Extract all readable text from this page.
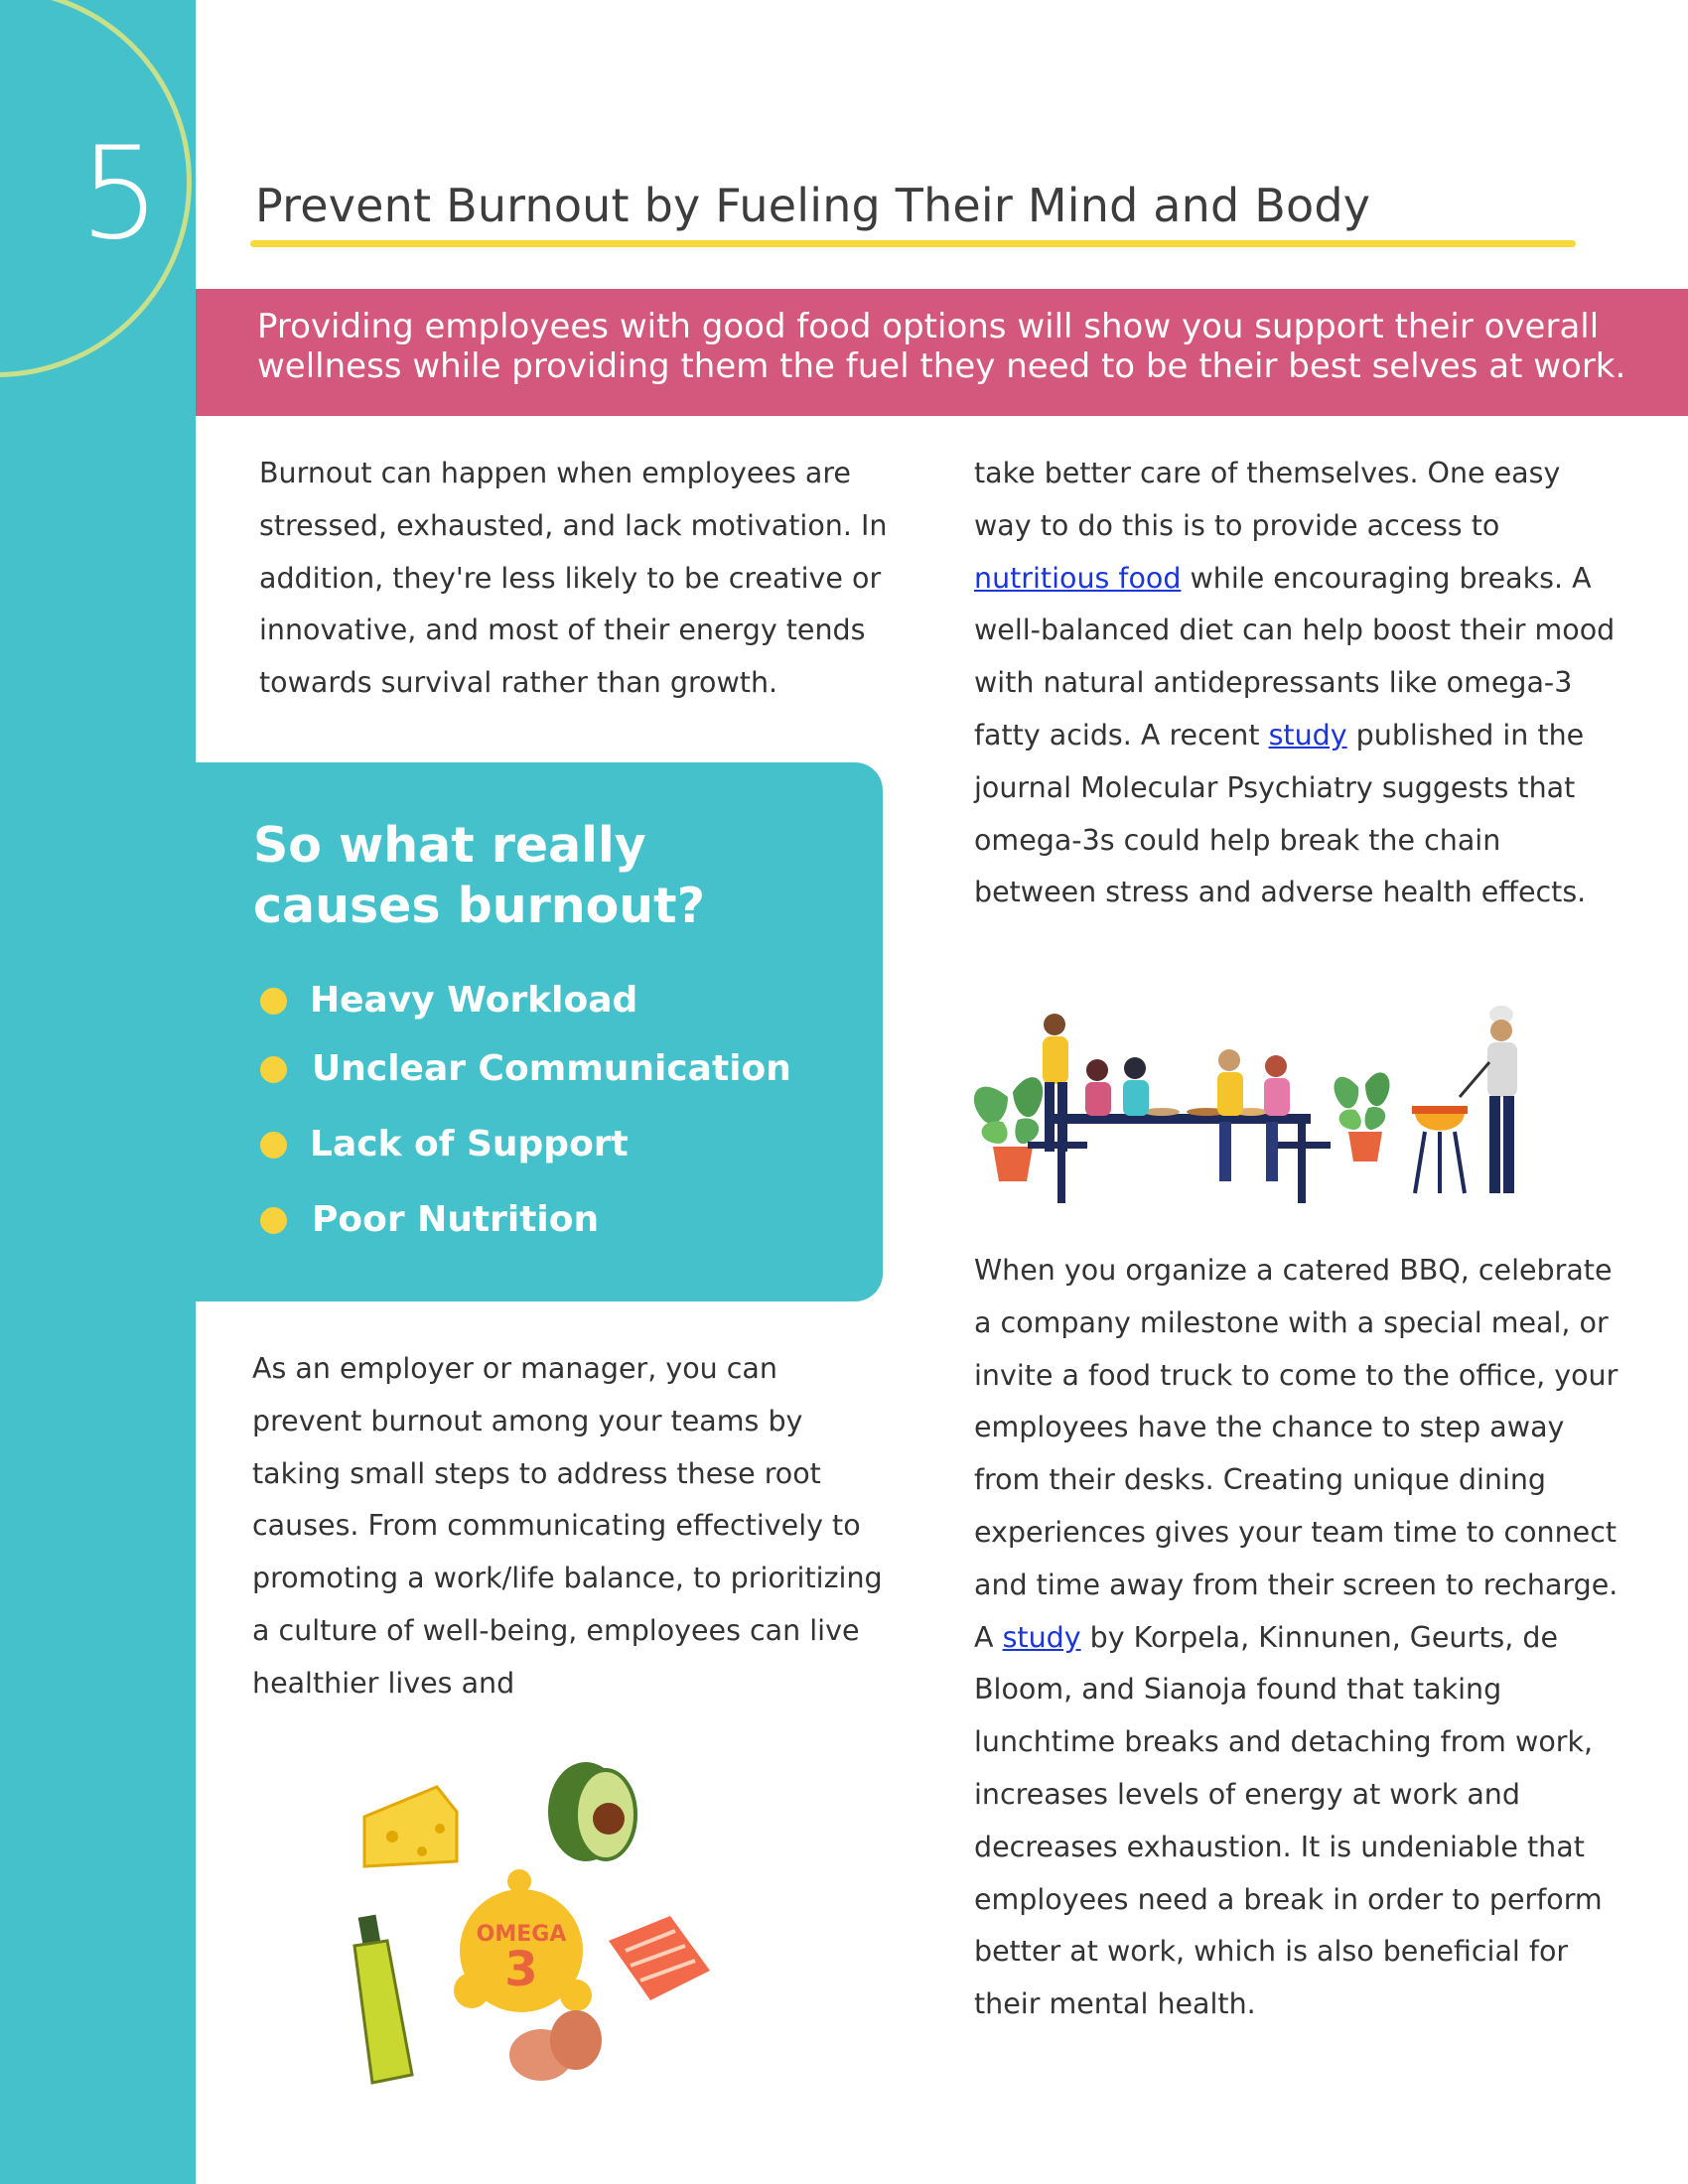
5 Prevent Burnout by Fueling Their Mind and Body

Providing employees with good food options will show you support their overall
wellness while providing them the fuel they need to be their best selves at work.

Burnout can happen when employees are stressed, exhausted, and lack motivation. In addition, they're less likely to be creative or innovative, and most of their energy tends towards survival rather than growth.

So what really causes burnout?
Heavy Workload
Unclear Communication
Lack of Support
Poor Nutrition

As an employer or manager, you can prevent burnout among your teams by taking small steps to address these root causes. From communicating effectively to promoting a work/life balance, to prioritizing a culture of well-being, employees can live healthier lives and

take better care of themselves. One easy way to do this is to provide access to nutritious food while encouraging breaks. A well-balanced diet can help boost their mood with natural antidepressants like omega-3 fatty acids. A recent study published in the journal Molecular Psychiatry suggests that omega-3s could help break the chain between stress and adverse health effects.

When you organize a catered BBQ, celebrate a company milestone with a special meal, or invite a food truck to come to the office, your employees have the chance to step away from their desks. Creating unique dining experiences gives your team time to connect and time away from their screen to recharge. A study by Korpela, Kinnunen, Geurts, de Bloom, and Sianoja found that taking lunchtime breaks and detaching from work, increases levels of energy at work and decreases exhaustion. It is undeniable that employees need a break in order to perform better at work, which is also beneficial for their mental health.

OMEGA
3
